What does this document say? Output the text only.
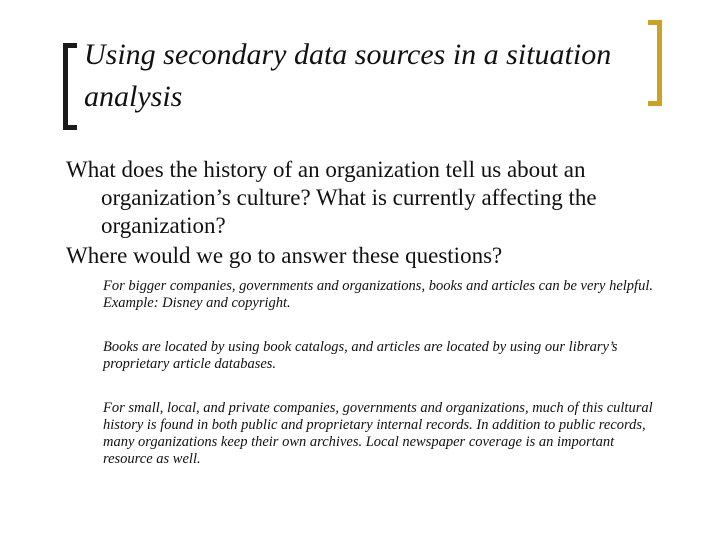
Using secondary data sources in a situation analysis
What does the history of an organization tell us about an organization’s culture? What is currently affecting the organization?
Where would we go to answer these questions?
For bigger companies, governments and organizations, books and articles can be very helpful. Example: Disney and copyright.
Books are located by using book catalogs, and articles are located by using our library’s proprietary article databases.
For small, local, and private companies, governments and organizations, much of this cultural history is found in both public and proprietary internal records. In addition to public records, many organizations keep their own archives. Local newspaper coverage is an important resource as well.
